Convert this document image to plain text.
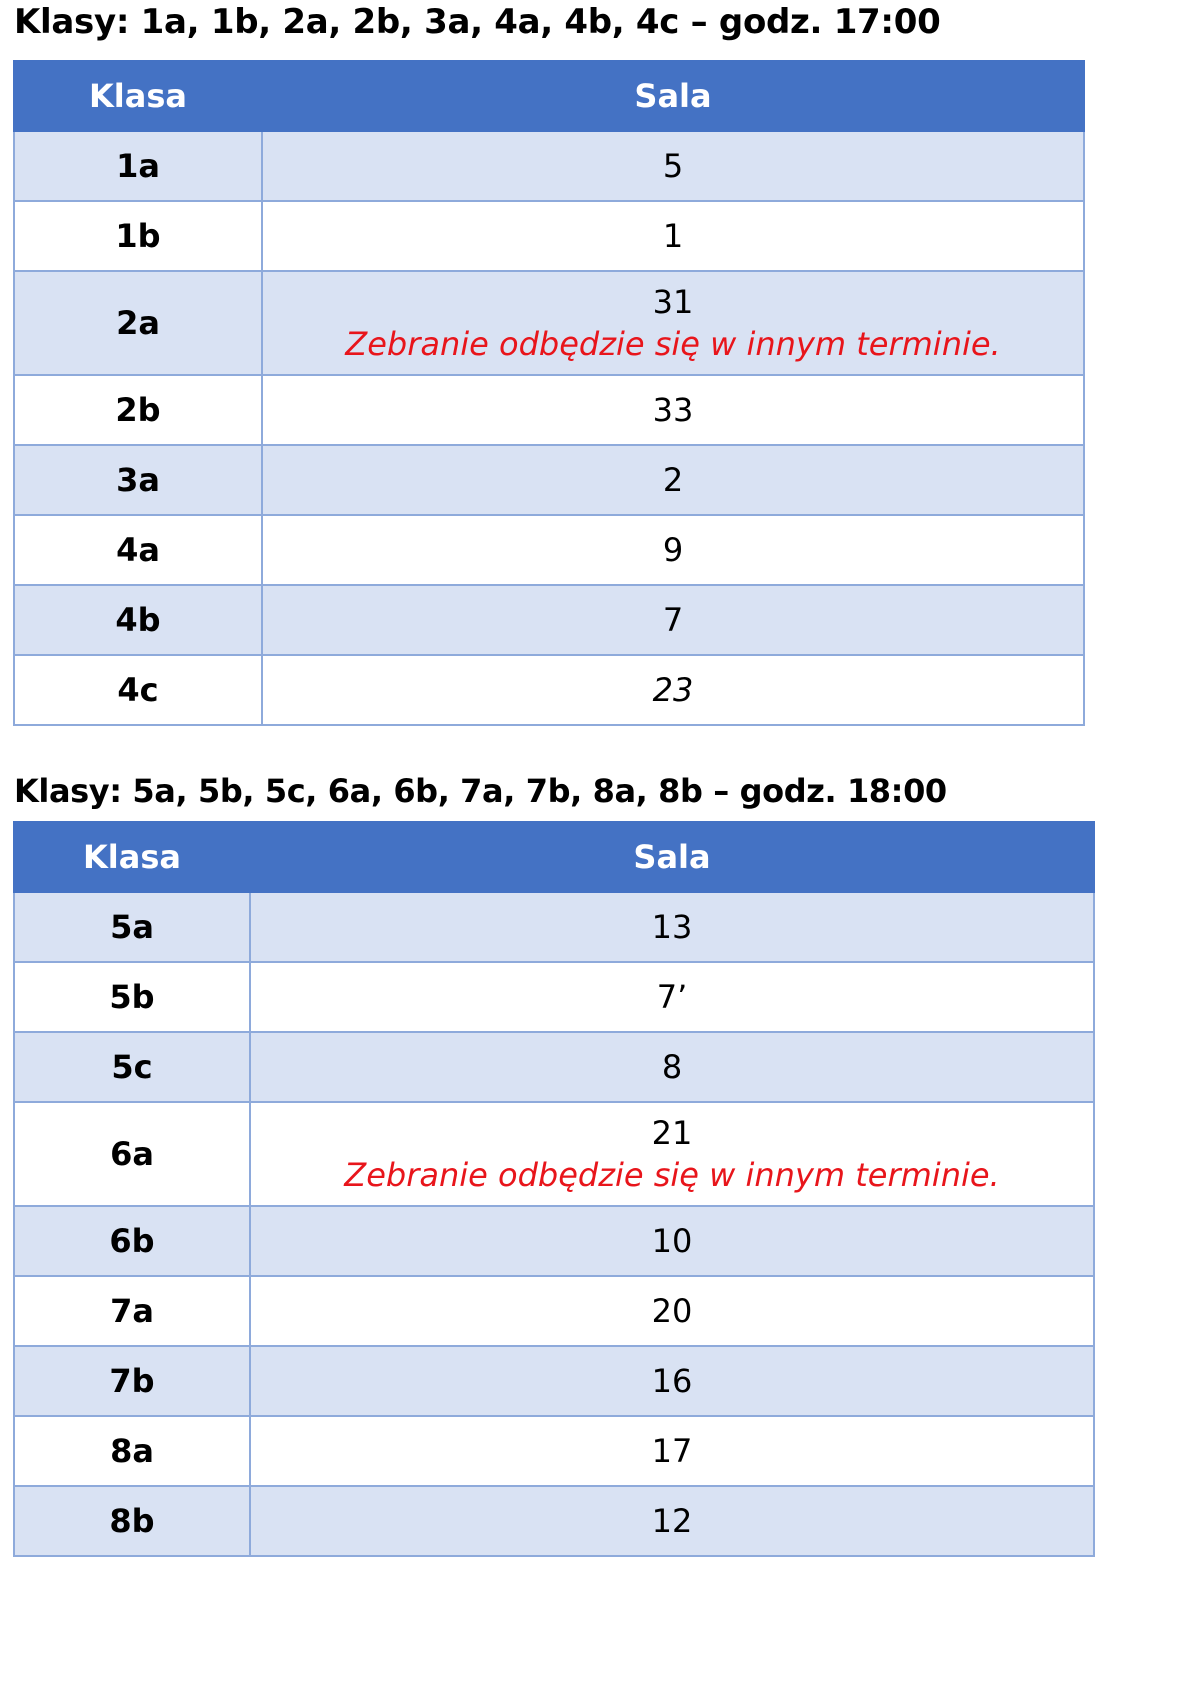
Klasy: 1a, 1b, 2a, 2b, 3a, 4a, 4b, 4c – godz. 17:00
Klasa	Sala
1a	5
1b	1
2a	31
Zebranie odbędzie się w innym terminie.

2b	33
3a	2
4a	9
4b	7
4c	23
Klasy: 5a, 5b, 5c, 6a, 6b, 7a, 7b, 8a, 8b – godz. 18:00
Klasa	Sala
5a	13
5b	7’
5c	8
6a	21
Zebranie odbędzie się w innym terminie.

6b	10
7a	20
7b	16
8a	17
8b	12
